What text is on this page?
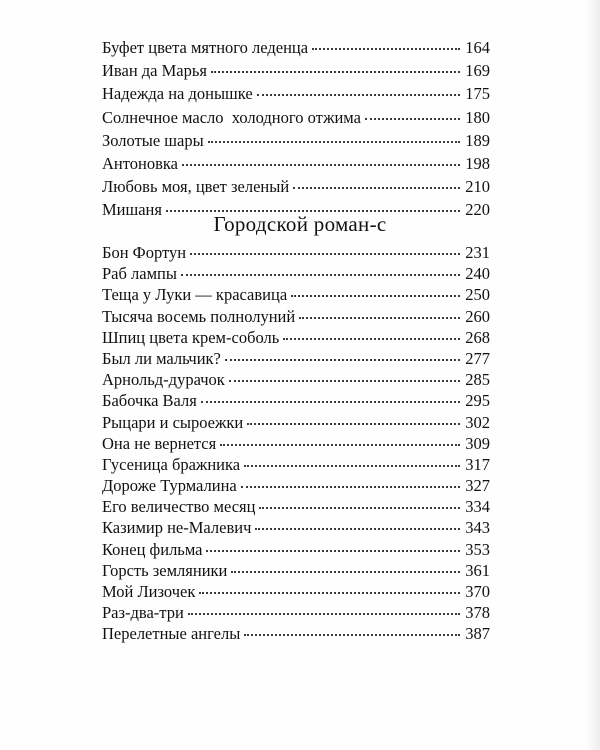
Буфет цвета мятного леденца	164
Иван да Марья	169
Надежда на донышке	175
Солнечное масло  холодного отжима	180
Золотые шары	189
Антоновка	198
Любовь моя, цвет зеленый	210
Мишаня	220
Городской роман-с
Бон Фортун	231
Раб лампы	240
Теща у Луки — красавица	250
Тысяча восемь полнолуний	260
Шпиц цвета крем-соболь	268
Был ли мальчик?	277
Арнольд-дурачок	285
Бабочка Валя	295
Рыцари и сыроежки	302
Она не вернется	309
Гусеница бражника	317
Дороже Турмалина	327
Его величество месяц	334
Казимир не-Малевич	343
Конец фильма	353
Горсть земляники	361
Мой Лизочек	370
Раз-два-три	378
Перелетные ангелы	387
